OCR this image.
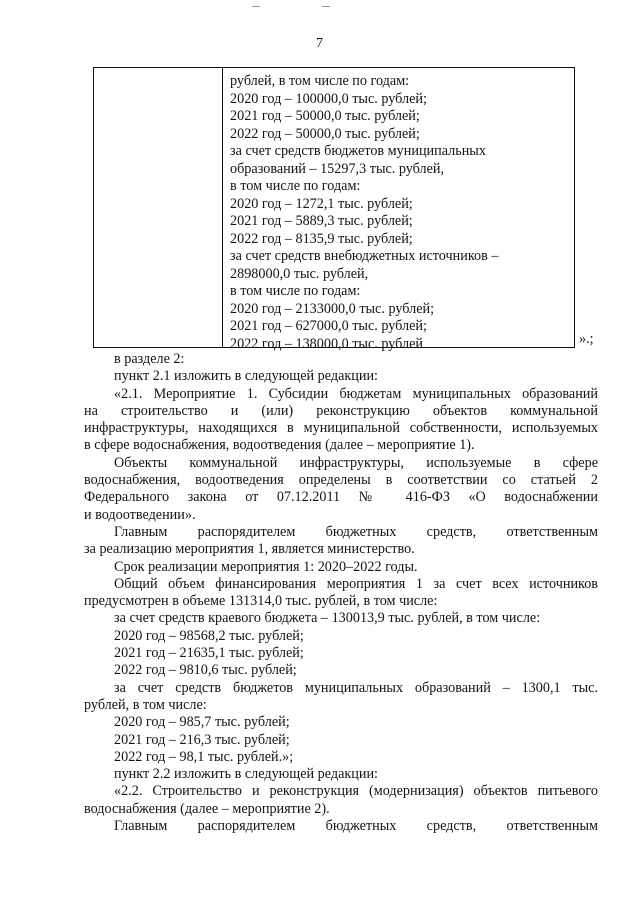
7
рублей, в том числе по годам:
2020 год – 100000,0 тыс. рублей;
2021 год – 50000,0 тыс. рублей;
2022 год – 50000,0 тыс. рублей;
за счет средств бюджетов муниципальных
образований – 15297,3 тыс. рублей,
в том числе по годам:
2020 год – 1272,1 тыс. рублей;
2021 год – 5889,3 тыс. рублей;
2022 год – 8135,9 тыс. рублей;
за счет средств внебюджетных источников –
2898000,0 тыс. рублей,
в том числе по годам:
2020 год – 2133000,0 тыс. рублей;
2021 год – 627000,0 тыс. рублей;
2022 год – 138000,0 тыс. рублей	».;

в разделе 2:

пункт 2.1 изложить в следующей редакции:

«2.1. Мероприятие 1. Субсидии бюджетам муниципальных образований

на строительство и (или) реконструкцию объектов коммунальной

инфраструктуры, находящихся в муниципальной собственности, используемых

в сфере водоснабжения, водоотведения (далее – мероприятие 1).

Объекты коммунальной инфраструктуры, используемые в сфере

водоснабжения, водоотведения определены в соответствии со статьей 2

Федерального закона от 07.12.2011 № 416-ФЗ «О водоснабжении

и водоотведении».

Главным распорядителем бюджетных средств, ответственным

за реализацию мероприятия 1, является министерство.

Срок реализации мероприятия 1: 2020–2022 годы.

Общий объем финансирования мероприятия 1 за счет всех источников

предусмотрен в объеме 131314,0 тыс. рублей, в том числе:

за счет средств краевого бюджета – 130013,9 тыс. рублей, в том числе:

2020 год – 98568,2 тыс. рублей;

2021 год – 21635,1 тыс. рублей;

2022 год – 9810,6 тыс. рублей;

за счет средств бюджетов муниципальных образований – 1300,1 тыс.

рублей, в том числе:

2020 год – 985,7 тыс. рублей;

2021 год – 216,3 тыс. рублей;

2022 год – 98,1 тыс. рублей.»;

пункт 2.2 изложить в следующей редакции:

«2.2. Строительство и реконструкция (модернизация) объектов питьевого

водоснабжения (далее – мероприятие 2).

Главным распорядителем бюджетных средств, ответственным
